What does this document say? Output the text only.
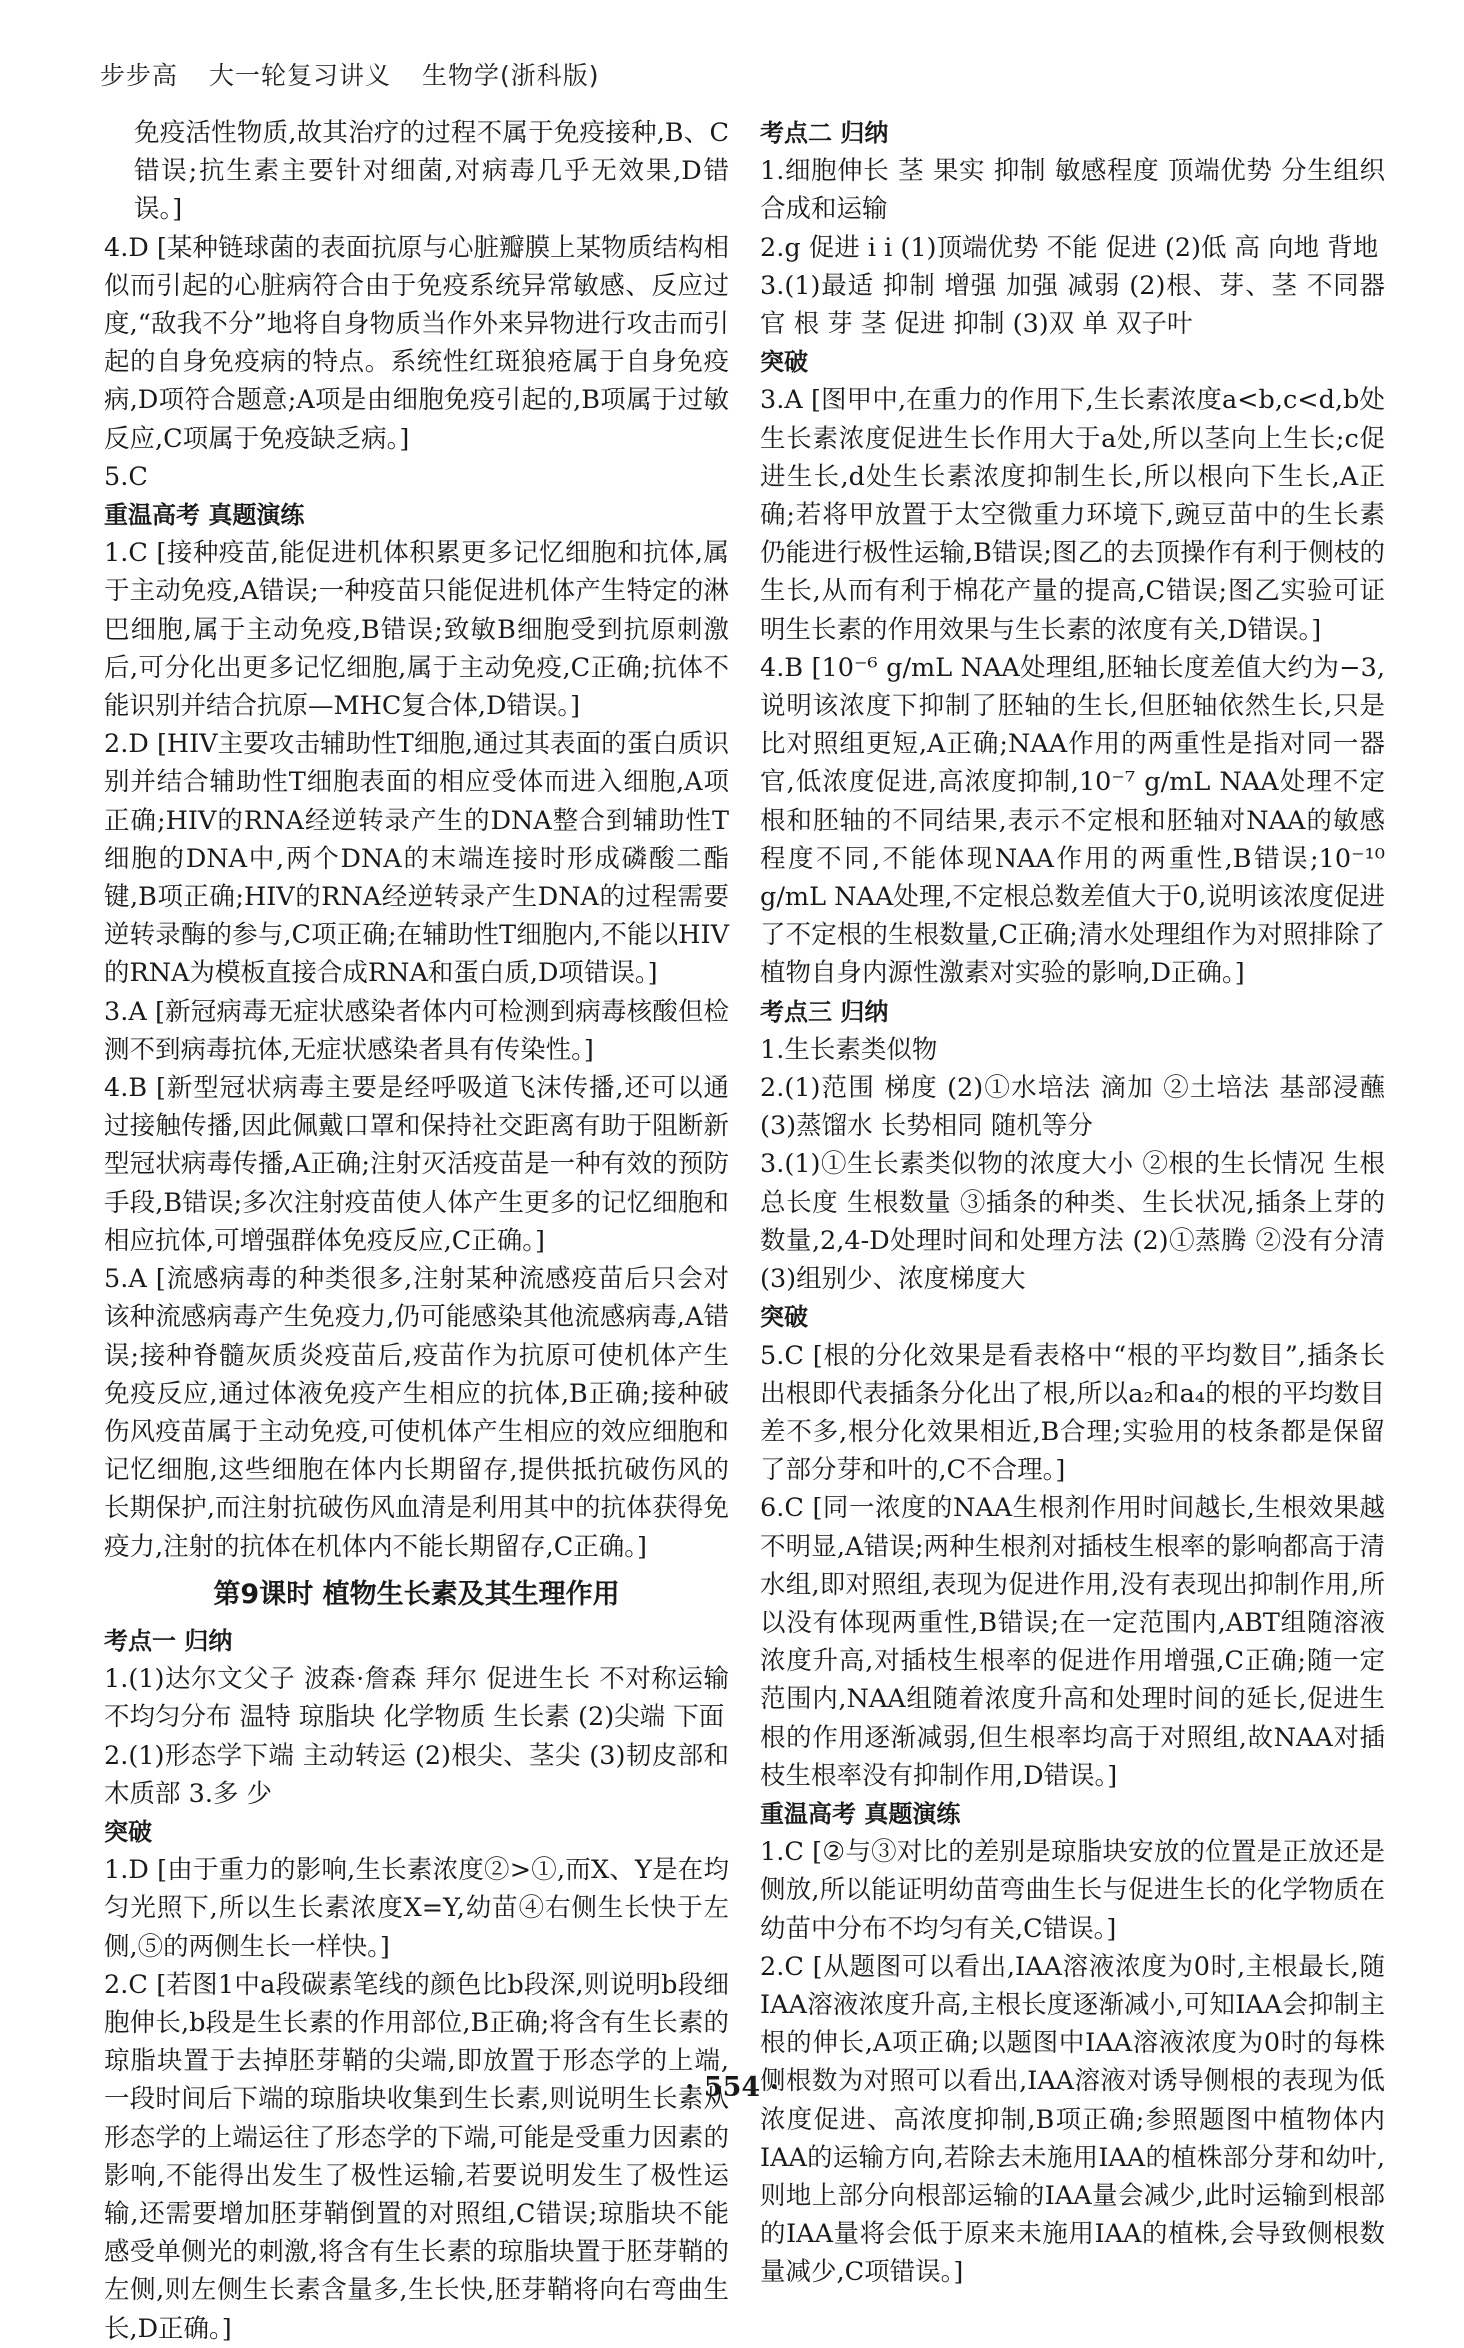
步步高 大一轮复习讲义 生物学(浙科版)
免疫活性物质,故其治疗的过程不属于免疫接种,B、C错误;抗生素主要针对细菌,对病毒几乎无效果,D错误。]
4.D [某种链球菌的表面抗原与心脏瓣膜上某物质结构相似而引起的心脏病符合由于免疫系统异常敏感、反应过度,“敌我不分”地将自身物质当作外来异物进行攻击而引起的自身免疫病的特点。系统性红斑狼疮属于自身免疫病,D项符合题意;A项是由细胞免疫引起的,B项属于过敏反应,C项属于免疫缺乏病。]
5.C
重温高考 真题演练
1.C [接种疫苗,能促进机体积累更多记忆细胞和抗体,属于主动免疫,A错误;一种疫苗只能促进机体产生特定的淋巴细胞,属于主动免疫,B错误;致敏B细胞受到抗原刺激后,可分化出更多记忆细胞,属于主动免疫,C正确;抗体不能识别并结合抗原—MHC复合体,D错误。]
2.D [HIV主要攻击辅助性T细胞,通过其表面的蛋白质识别并结合辅助性T细胞表面的相应受体而进入细胞,A项正确;HIV的RNA经逆转录产生的DNA整合到辅助性T细胞的DNA中,两个DNA的末端连接时形成磷酸二酯键,B项正确;HIV的RNA经逆转录产生DNA的过程需要逆转录酶的参与,C项正确;在辅助性T细胞内,不能以HIV的RNA为模板直接合成RNA和蛋白质,D项错误。]
3.A [新冠病毒无症状感染者体内可检测到病毒核酸但检测不到病毒抗体,无症状感染者具有传染性。]
4.B [新型冠状病毒主要是经呼吸道飞沫传播,还可以通过接触传播,因此佩戴口罩和保持社交距离有助于阻断新型冠状病毒传播,A正确;注射灭活疫苗是一种有效的预防手段,B错误;多次注射疫苗使人体产生更多的记忆细胞和相应抗体,可增强群体免疫反应,C正确。]
5.A [流感病毒的种类很多,注射某种流感疫苗后只会对该种流感病毒产生免疫力,仍可能感染其他流感病毒,A错误;接种脊髓灰质炎疫苗后,疫苗作为抗原可使机体产生免疫反应,通过体液免疫产生相应的抗体,B正确;接种破伤风疫苗属于主动免疫,可使机体产生相应的效应细胞和记忆细胞,这些细胞在体内长期留存,提供抵抗破伤风的长期保护,而注射抗破伤风血清是利用其中的抗体获得免疫力,注射的抗体在机体内不能长期留存,C正确。]
第9课时 植物生长素及其生理作用
考点一 归纳
1.(1)达尔文父子 波森·詹森 拜尔 促进生长 不对称运输 不均匀分布 温特 琼脂块 化学物质 生长素 (2)尖端 下面
2.(1)形态学下端 主动转运 (2)根尖、茎尖 (3)韧皮部和木质部 3.多 少
突破
1.D [由于重力的影响,生长素浓度②>①,而X、Y是在均匀光照下,所以生长素浓度X=Y,幼苗④右侧生长快于左侧,⑤的两侧生长一样快。]
2.C [若图1中a段碳素笔线的颜色比b段深,则说明b段细胞伸长,b段是生长素的作用部位,B正确;将含有生长素的琼脂块置于去掉胚芽鞘的尖端,即放置于形态学的上端,一段时间后下端的琼脂块收集到生长素,则说明生长素从形态学的上端运往了形态学的下端,可能是受重力因素的影响,不能得出发生了极性运输,若要说明发生了极性运输,还需要增加胚芽鞘倒置的对照组,C错误;琼脂块不能感受单侧光的刺激,将含有生长素的琼脂块置于胚芽鞘的左侧,则左侧生长素含量多,生长快,胚芽鞘将向右弯曲生长,D正确。]
考点二 归纳
1.细胞伸长 茎 果实 抑制 敏感程度 顶端优势 分生组织 合成和运输
2.g 促进 i i (1)顶端优势 不能 促进 (2)低 高 向地 背地
3.(1)最适 抑制 增强 加强 减弱 (2)根、芽、茎 不同器官 根 芽 茎 促进 抑制 (3)双 单 双子叶
突破
3.A [图甲中,在重力的作用下,生长素浓度a<b,c<d,b处生长素浓度促进生长作用大于a处,所以茎向上生长;c促进生长,d处生长素浓度抑制生长,所以根向下生长,A正确;若将甲放置于太空微重力环境下,豌豆苗中的生长素仍能进行极性运输,B错误;图乙的去顶操作有利于侧枝的生长,从而有利于棉花产量的提高,C错误;图乙实验可证明生长素的作用效果与生长素的浓度有关,D错误。]
4.B [10⁻⁶ g/mL NAA处理组,胚轴长度差值大约为−3,说明该浓度下抑制了胚轴的生长,但胚轴依然生长,只是比对照组更短,A正确;NAA作用的两重性是指对同一器官,低浓度促进,高浓度抑制,10⁻⁷ g/mL NAA处理不定根和胚轴的不同结果,表示不定根和胚轴对NAA的敏感程度不同,不能体现NAA作用的两重性,B错误;10⁻¹⁰ g/mL NAA处理,不定根总数差值大于0,说明该浓度促进了不定根的生根数量,C正确;清水处理组作为对照排除了植物自身内源性激素对实验的影响,D正确。]
考点三 归纳
1.生长素类似物
2.(1)范围 梯度 (2)①水培法 滴加 ②土培法 基部浸蘸 (3)蒸馏水 长势相同 随机等分
3.(1)①生长素类似物的浓度大小 ②根的生长情况 生根总长度 生根数量 ③插条的种类、生长状况,插条上芽的数量,2,4-D处理时间和处理方法 (2)①蒸腾 ②没有分清 (3)组别少、浓度梯度大
突破
5.C [根的分化效果是看表格中“根的平均数目”,插条长出根即代表插条分化出了根,所以a₂和a₄的根的平均数目差不多,根分化效果相近,B合理;实验用的枝条都是保留了部分芽和叶的,C不合理。]
6.C [同一浓度的NAA生根剂作用时间越长,生根效果越不明显,A错误;两种生根剂对插枝生根率的影响都高于清水组,即对照组,表现为促进作用,没有表现出抑制作用,所以没有体现两重性,B错误;在一定范围内,ABT组随溶液浓度升高,对插枝生根率的促进作用增强,C正确;随一定范围内,NAA组随着浓度升高和处理时间的延长,促进生根的作用逐渐减弱,但生根率均高于对照组,故NAA对插枝生根率没有抑制作用,D错误。]
重温高考 真题演练
1.C [②与③对比的差别是琼脂块安放的位置是正放还是侧放,所以能证明幼苗弯曲生长与促进生长的化学物质在幼苗中分布不均匀有关,C错误。]
2.C [从题图可以看出,IAA溶液浓度为0时,主根最长,随IAA溶液浓度升高,主根长度逐渐减小,可知IAA会抑制主根的伸长,A项正确;以题图中IAA溶液浓度为0时的每株侧根数为对照可以看出,IAA溶液对诱导侧根的表现为低浓度促进、高浓度抑制,B项正确;参照题图中植物体内IAA的运输方向,若除去未施用IAA的植株部分芽和幼叶,则地上部分向根部运输的IAA量会减少,此时运输到根部的IAA量将会低于原来未施用IAA的植株,会导致侧根数量减少,C项错误。]
· 554 ·
